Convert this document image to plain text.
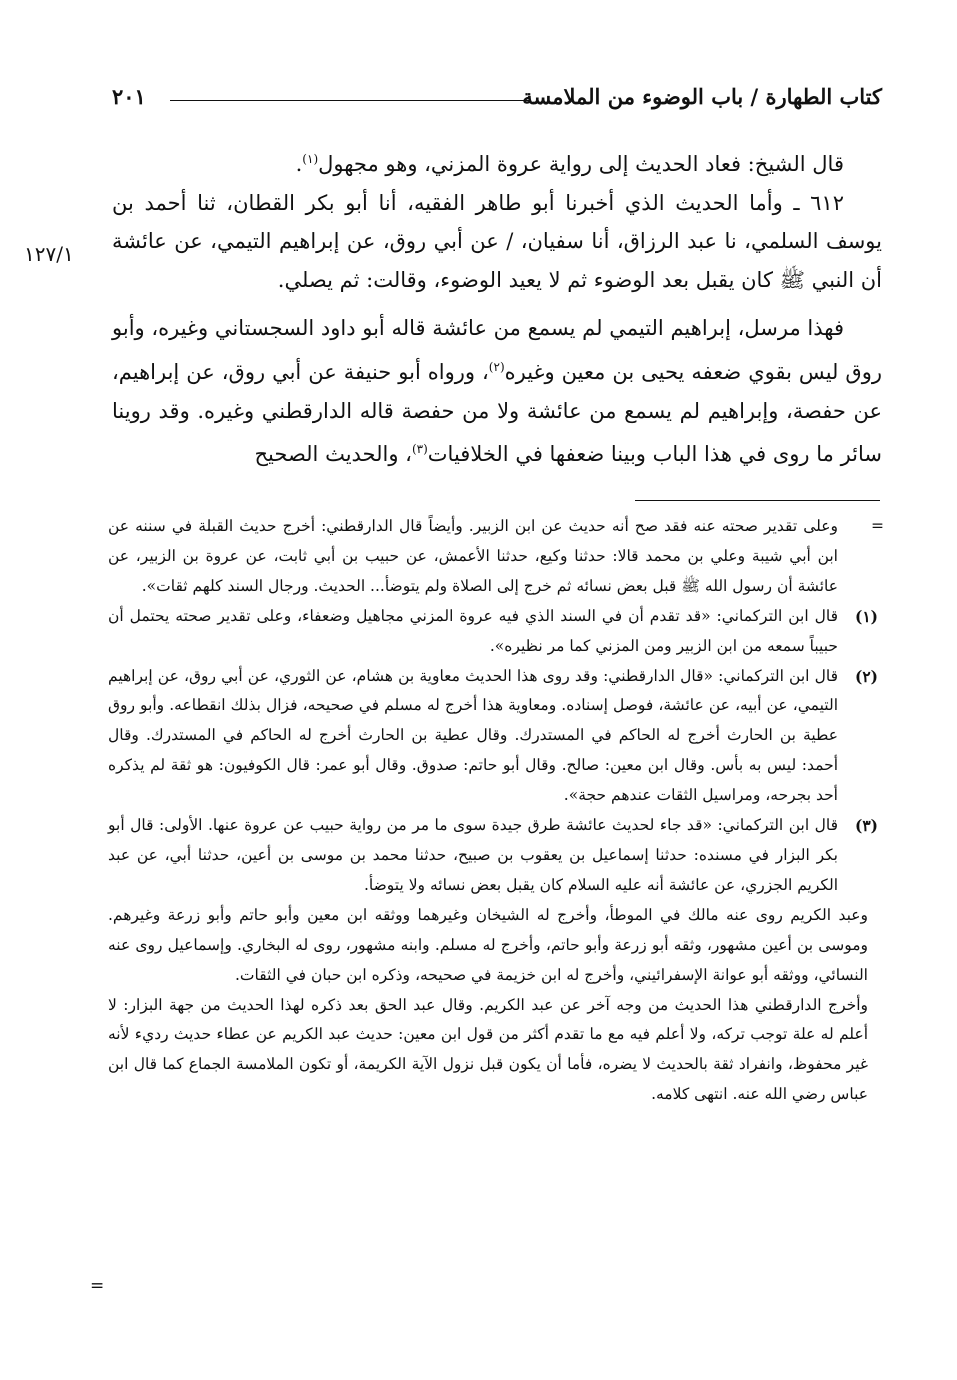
كتاب الطهارة / باب الوضوء من الملامسة
٢٠١

قال الشيخ: فعاد الحديث إلى رواية عروة المزني، وهو مجهول$^{(١)}$.

٦١٢ ـ وأما الحديث الذي أخبرنا أبو طاهر الفقيه، أنا أبو بكر القطان، ثنا أحمد بن يوسف السلمي، نا عبد الرزاق، أنا سفيان، / عن أبي روق، عن إبراهيم التيمي، عن عائشة أن النبي ﷺ كان يقبل بعد الوضوء ثم لا يعيد الوضوء، وقالت: ثم يصلي.

فهذا مرسل، إبراهيم التيمي لم يسمع من عائشة قاله أبو داود السجستاني وغيره، وأبو روق ليس بقوي ضعفه يحيى بن معين وغيره$^{(٢)}$، ورواه أبو حنيفة عن أبي روق، عن إبراهيم، عن حفصة، وإبراهيم لم يسمع من عائشة ولا من حفصة قاله الدارقطني وغيره. وقد روينا سائر ما روى في هذا الباب وبينا ضعفها في الخلافيات$^{(٣)}$، والحديث الصحيح

١٢٧/١

=
وعلى تقدير صحته عنه فقد صح أنه حديث عن ابن الزبير. وأيضاً قال الدارقطني: أخرج حديث القبلة في سننه عن ابن أبي شيبة وعلي بن محمد قالا: حدثنا وكيع، حدثنا الأعمش، عن حبيب بن أبي ثابت، عن عروة بن الزبير، عن عائشة أن رسول الله ﷺ قبل بعض نسائه ثم خرج إلى الصلاة ولم يتوضأ... الحديث. ورجال السند كلهم ثقات».

(١)
قال ابن التركماني: «قد تقدم أن في السند الذي فيه عروة المزني مجاهيل وضعفاء، وعلى تقدير صحته يحتمل أن حبيباً سمعه من ابن الزبير ومن المزني كما مر نظيره».

(٢)
قال ابن التركماني: «قال الدارقطني: وقد روى هذا الحديث معاوية بن هشام، عن الثوري، عن أبي روق، عن إبراهيم التيمي، عن أبيه، عن عائشة، فوصل إسناده. ومعاوية هذا أخرج له مسلم في صحيحه، فزال بذلك انقطاعه. وأبو روق عطية بن الحارث أخرج له الحاكم في المستدرك. وقال عطية بن الحارث أخرج له الحاكم في المستدرك. وقال أحمد: ليس به بأس. وقال ابن معين: صالح. وقال أبو حاتم: صدوق. وقال أبو عمر: قال الكوفيون: هو ثقة لم يذكره أحد بجرحه، ومراسيل الثقات عندهم حجة».

(٣)
قال ابن التركماني: «قد جاء لحديث عائشة طرق جيدة سوى ما مر من رواية حبيب عن عروة عنها. الأولى: قال أبو بكر البزار في مسنده: حدثنا إسماعيل بن يعقوب بن صبيح، حدثنا محمد بن موسى بن أعين، حدثنا أبي، عن عبد الكريم الجزري، عن عائشة أنه عليه السلام كان يقبل بعض نسائه ولا يتوضأ.

وعبد الكريم روى عنه مالك في الموطأ، وأخرج له الشيخان وغيرهما ووثقه ابن معين وأبو حاتم وأبو زرعة وغيرهم. وموسى بن أعين مشهور، وثقه أبو زرعة وأبو حاتم، وأخرج له مسلم. وابنه مشهور، روى له البخاري. وإسماعيل روى عنه النسائي، ووثقه أبو عوانة الإسفرائيني، وأخرج له ابن خزيمة في صحيحه، وذكره ابن حبان في الثقات.

وأخرج الدارقطني هذا الحديث من وجه آخر عن عبد الكريم. وقال عبد الحق بعد ذكره لهذا الحديث من جهة البزار: لا أعلم له علة توجب تركه، ولا أعلم فيه مع ما تقدم أكثر من قول ابن معين: حديث عبد الكريم عن عطاء حديث رديء لأنه غير محفوظ، وانفراد ثقة بالحديث لا يضره، فأما أن يكون قبل نزول الآية الكريمة، أو تكون الملامسة الجماع كما قال ابن عباس رضي الله عنه. انتهى كلامه.

=
